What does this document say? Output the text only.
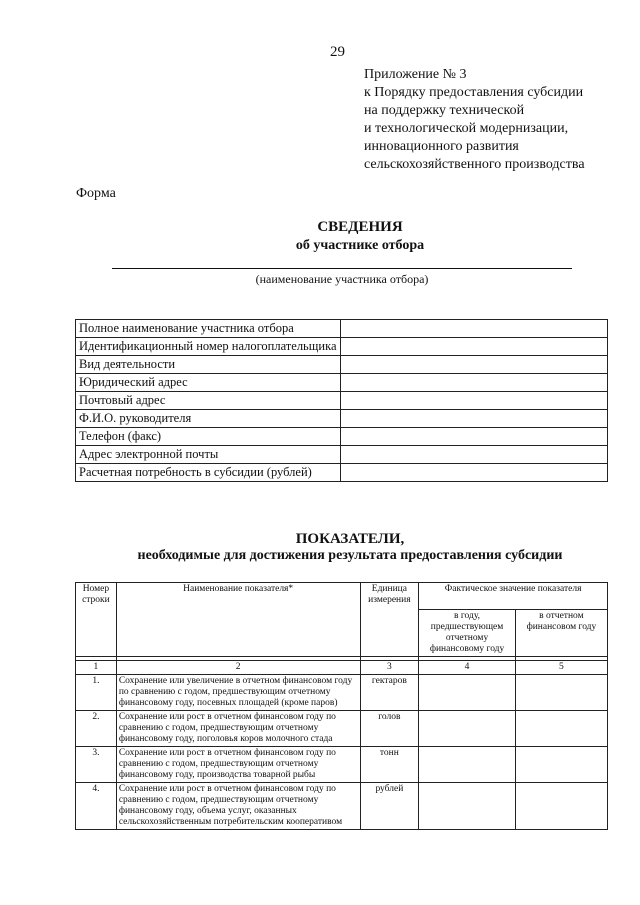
29
Приложение № 3
к Порядку предоставления субсидии
на поддержку технической
и технологической модернизации,
инновационного развития
сельскохозяйственного производства
Форма
СВЕДЕНИЯ
об участнике отбора
(наименование участника отбора)
Полное наименование участника отбора	
Идентификационный номер налогоплательщика	
Вид деятельности	
Юридический адрес	
Почтовый адрес	
Ф.И.О. руководителя	
Телефон (факс)	
Адрес электронной почты	
Расчетная потребность в субсидии (рублей)	
ПОКАЗАТЕЛИ,
необходимые для достижения результата предоставления субсидии
Номер строки	Наименование показателя*	Единица измерения	Фактическое значение показателя	
			в году, предшествующем отчетному финансовому году	в отчетном финансовом году

1	2	3	4	5
1.	Сохранение или увеличение в отчетном финансовом году по сравнению с годом, предшествующим отчетному финансовому году, посевных площадей (кроме паров)	гектаров		
2.	Сохранение или рост в отчетном финансовом году по сравнению с годом, предшествующим отчетному финансовому году, поголовья коров молочного стада	голов		
3.	Сохранение или рост в отчетном финансовом году по сравнению с годом, предшествующим отчетному финансовому году, производства товарной рыбы	тонн		
4.	Сохранение или рост в отчетном финансовом году по сравнению с годом, предшествующим отчетному финансовому году, объема услуг, оказанных сельскохозяйственным потребительским кооперативом	рублей		
